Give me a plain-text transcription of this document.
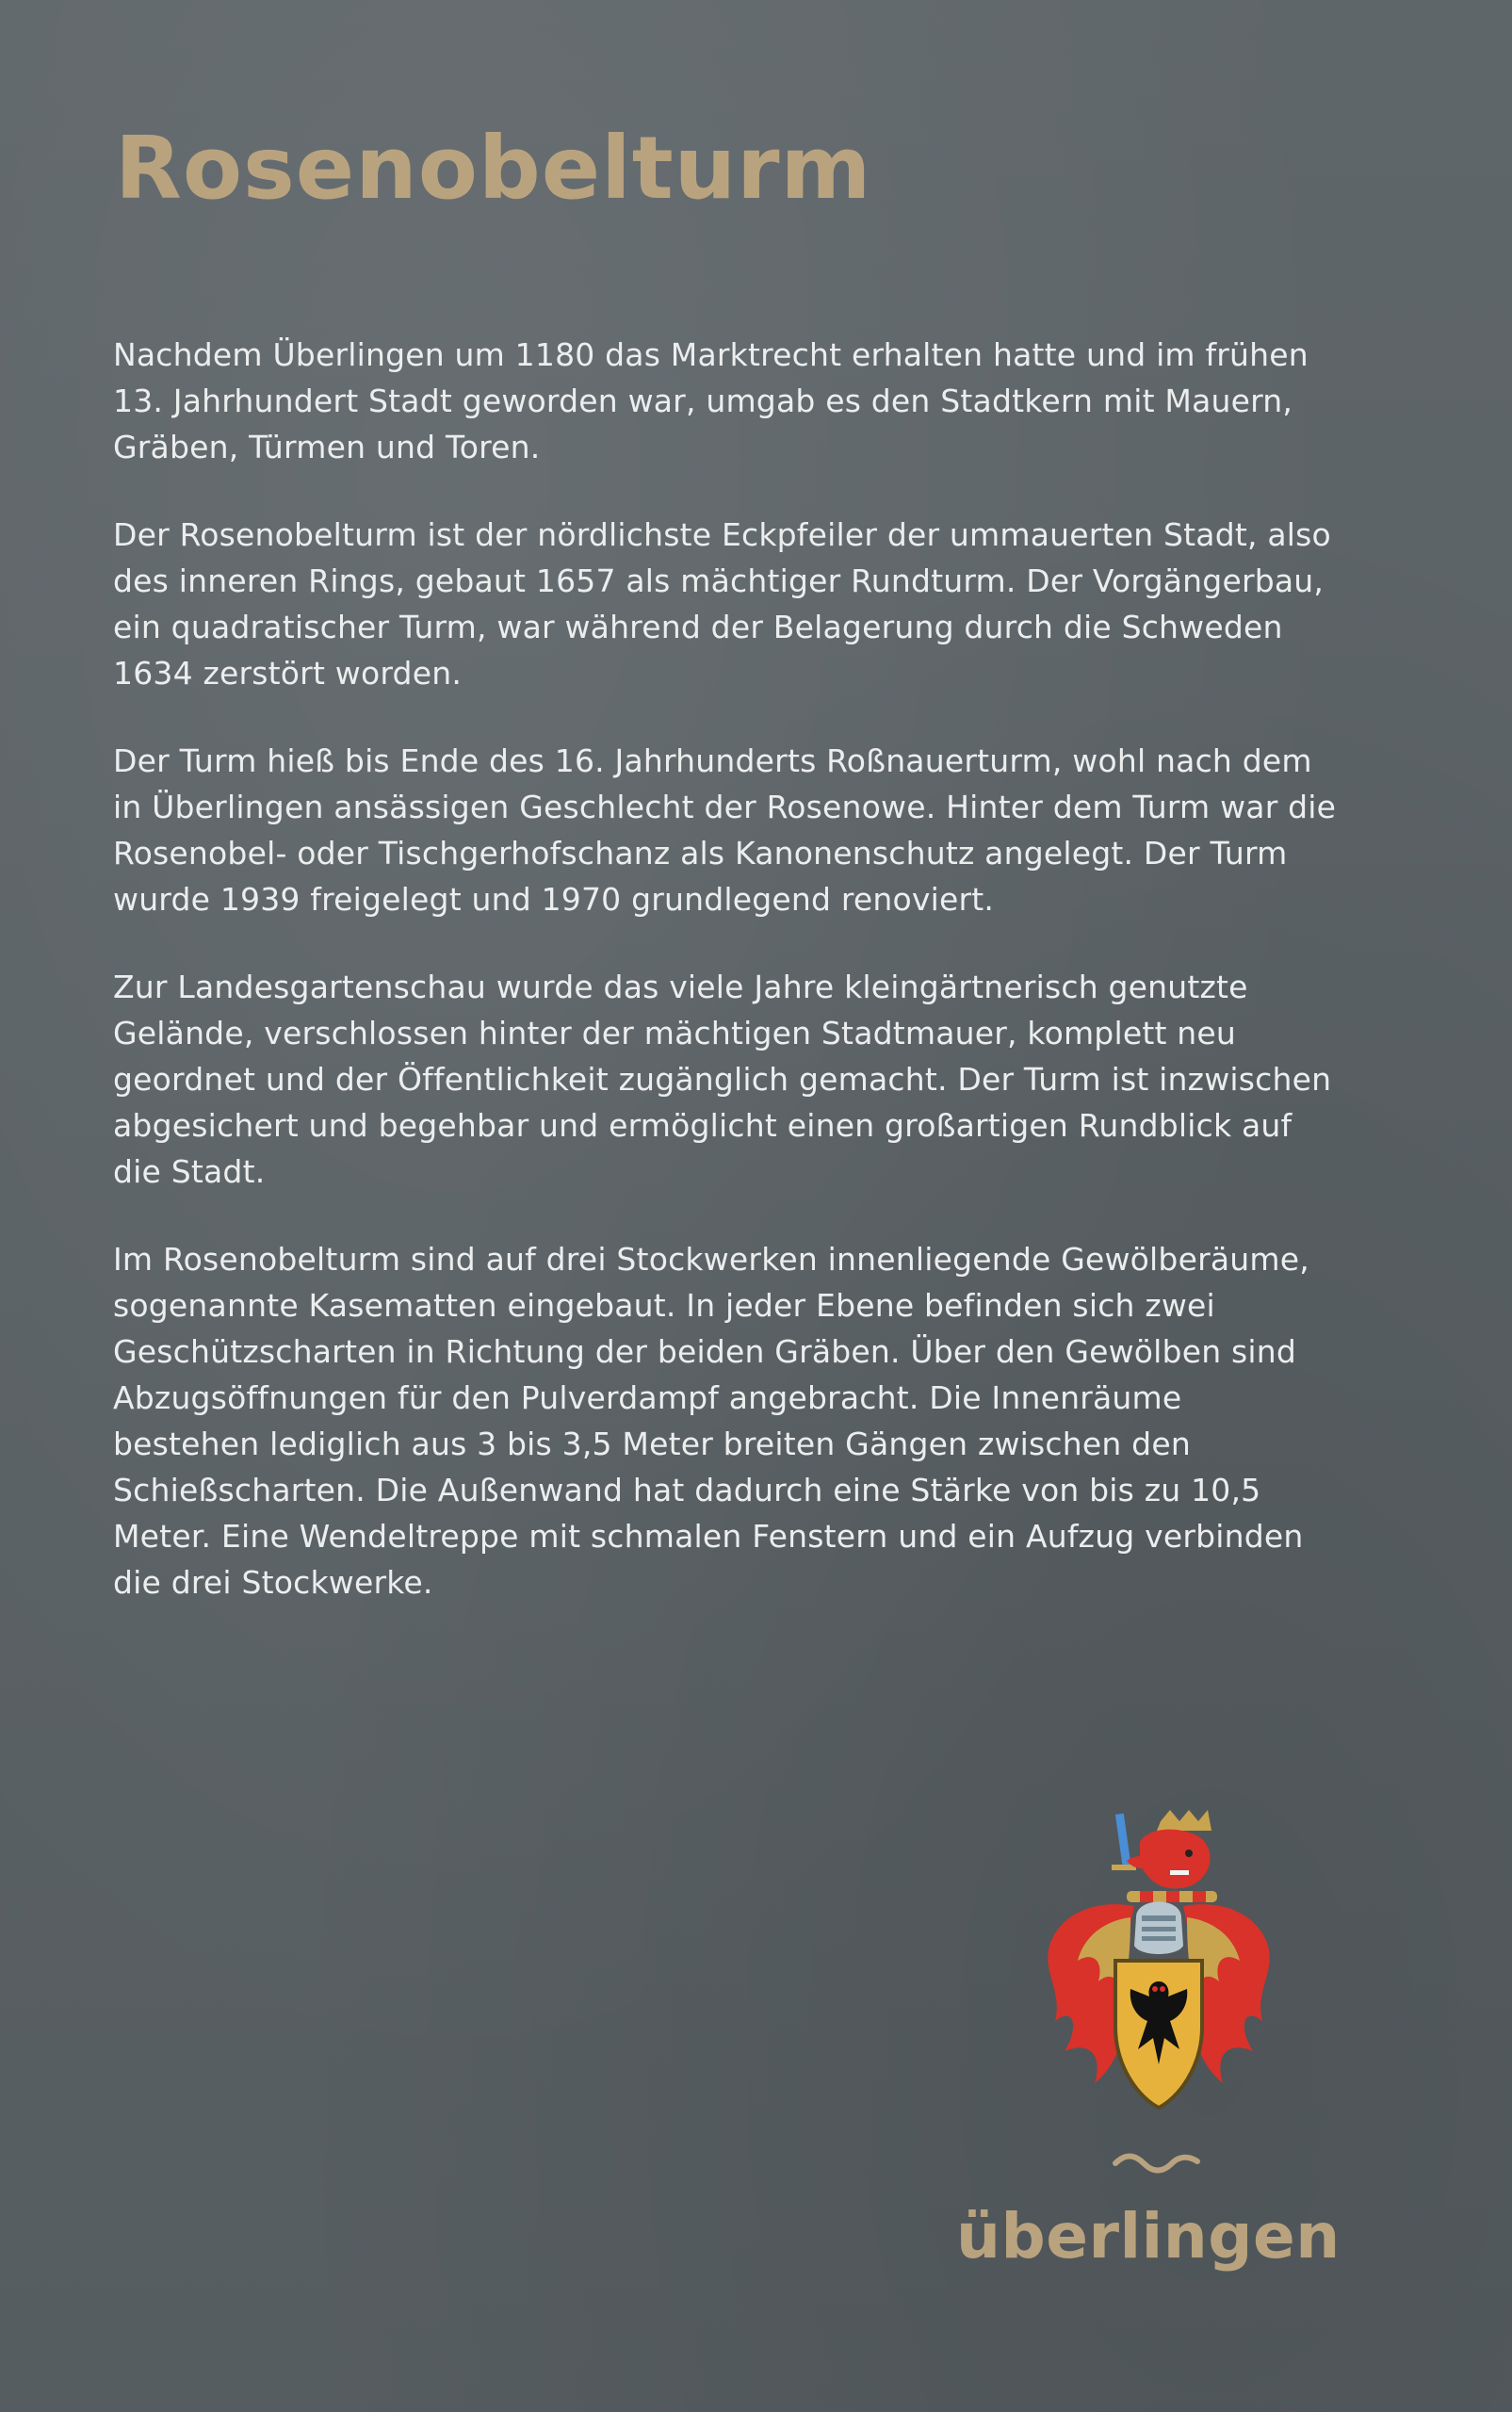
Rosenobelturm

Nachdem Überlingen um 1180 das Marktrecht erhalten hatte und im frühen 13. Jahrhundert Stadt geworden war, umgab es den Stadtkern mit Mauern, Gräben, Türmen und Toren.

Der Rosenobelturm ist der nördlichste Eckpfeiler der ummauerten Stadt, also des inneren Rings, gebaut 1657 als mächtiger Rundturm. Der Vorgängerbau, ein quadratischer Turm, war während der Belagerung durch die Schweden 1634 zerstört worden.

Der Turm hieß bis Ende des 16. Jahrhunderts Roßnauerturm, wohl nach dem in Überlingen ansässigen Geschlecht der Rosenowe. Hinter dem Turm war die Rosenobel- oder Tischgerhofschanz als Kanonenschutz angelegt. Der Turm wurde 1939 freigelegt und 1970 grundlegend renoviert.

Zur Landesgartenschau wurde das viele Jahre kleingärtnerisch genutzte Gelände, verschlossen hinter der mächtigen Stadtmauer, komplett neu geordnet und der Öffentlichkeit zugänglich gemacht. Der Turm ist inzwischen abgesichert und begehbar und ermöglicht einen großartigen Rundblick auf die Stadt.

Im Rosenobelturm sind auf drei Stockwerken innenliegende Gewölberäume, sogenannte Kasematten eingebaut. In jeder Ebene befinden sich zwei Geschützscharten in Richtung der beiden Gräben. Über den Gewölben sind Abzugsöffnungen für den Pulverdampf angebracht. Die Innenräume bestehen lediglich aus 3 bis 3,5 Meter breiten Gängen zwischen den Schießscharten. Die Außenwand hat dadurch eine Stärke von bis zu 10,5 Meter. Eine Wendeltreppe mit schmalen Fenstern und ein Aufzug verbinden die drei Stockwerke.

überlingen
